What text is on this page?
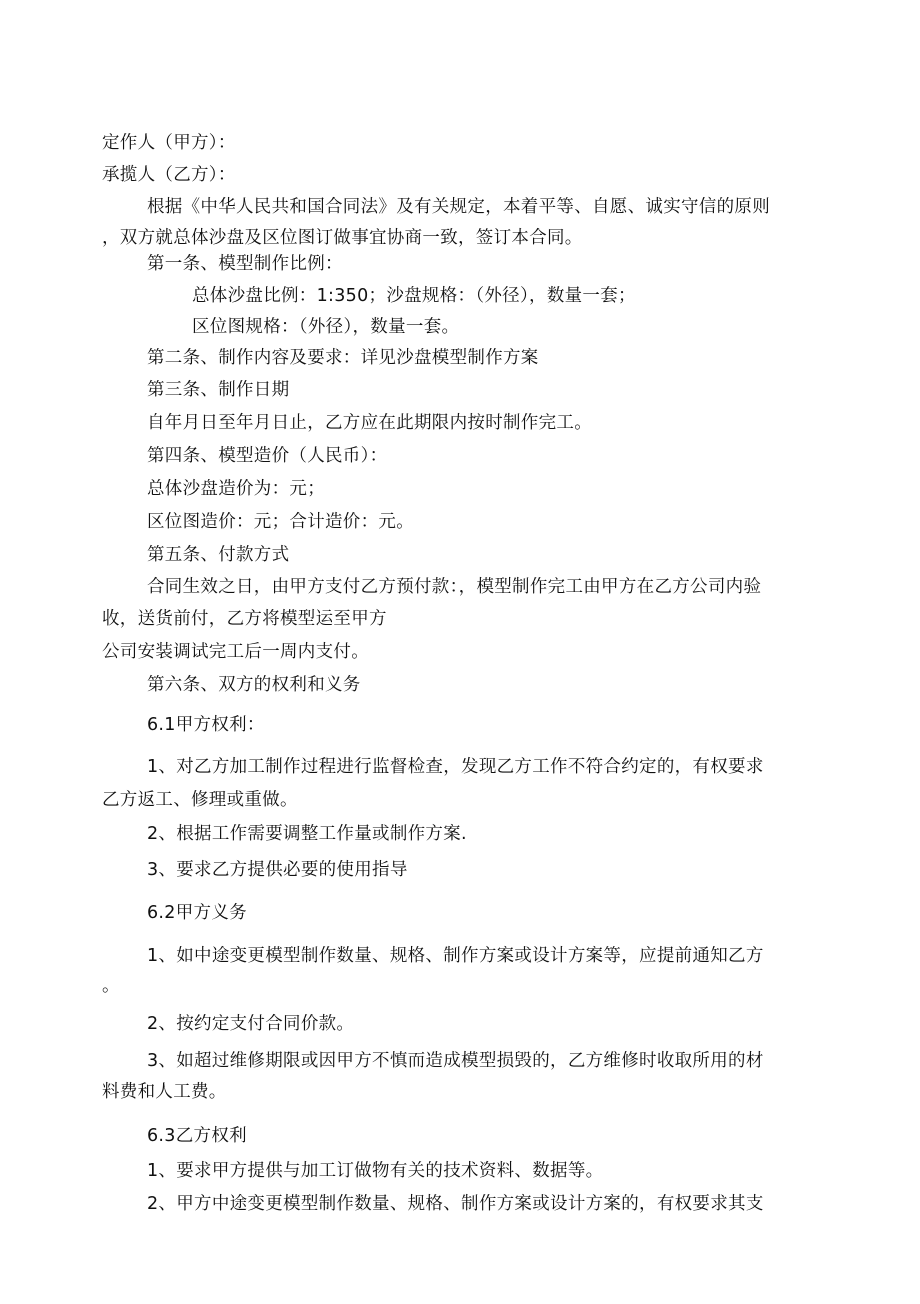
定作人（甲方）：

承揽人（乙方）：

根据《中华人民共和国合同法》及有关规定，本着平等、自愿、诚实守信的原则

，双方就总体沙盘及区位图订做事宜协商一致，签订本合同。

第一条、模型制作比例：

总体沙盘比例：1:350；沙盘规格：（外径），数量一套；

区位图规格：（外径），数量一套。

第二条、制作内容及要求：详见沙盘模型制作方案

第三条、制作日期

自年月日至年月日止，乙方应在此期限内按时制作完工。

第四条、模型造价（人民币）：

总体沙盘造价为：元；

区位图造价：元；合计造价：元。

第五条、付款方式

合同生效之日，由甲方支付乙方预付款：，模型制作完工由甲方在乙方公司内验

收，送货前付，乙方将模型运至甲方

公司安装调试完工后一周内支付。

第六条、双方的权利和义务

6.1甲方权利：

1、对乙方加工制作过程进行监督检查，发现乙方工作不符合约定的，有权要求

乙方返工、修理或重做。

2、根据工作需要调整工作量或制作方案.

3、要求乙方提供必要的使用指导

6.2甲方义务

1、如中途变更模型制作数量、规格、制作方案或设计方案等，应提前通知乙方

。

2、按约定支付合同价款。

3、如超过维修期限或因甲方不慎而造成模型损毁的，乙方维修时收取所用的材

料费和人工费。

6.3乙方权利

1、要求甲方提供与加工订做物有关的技术资料、数据等。

2、甲方中途变更模型制作数量、规格、制作方案或设计方案的，有权要求其支
